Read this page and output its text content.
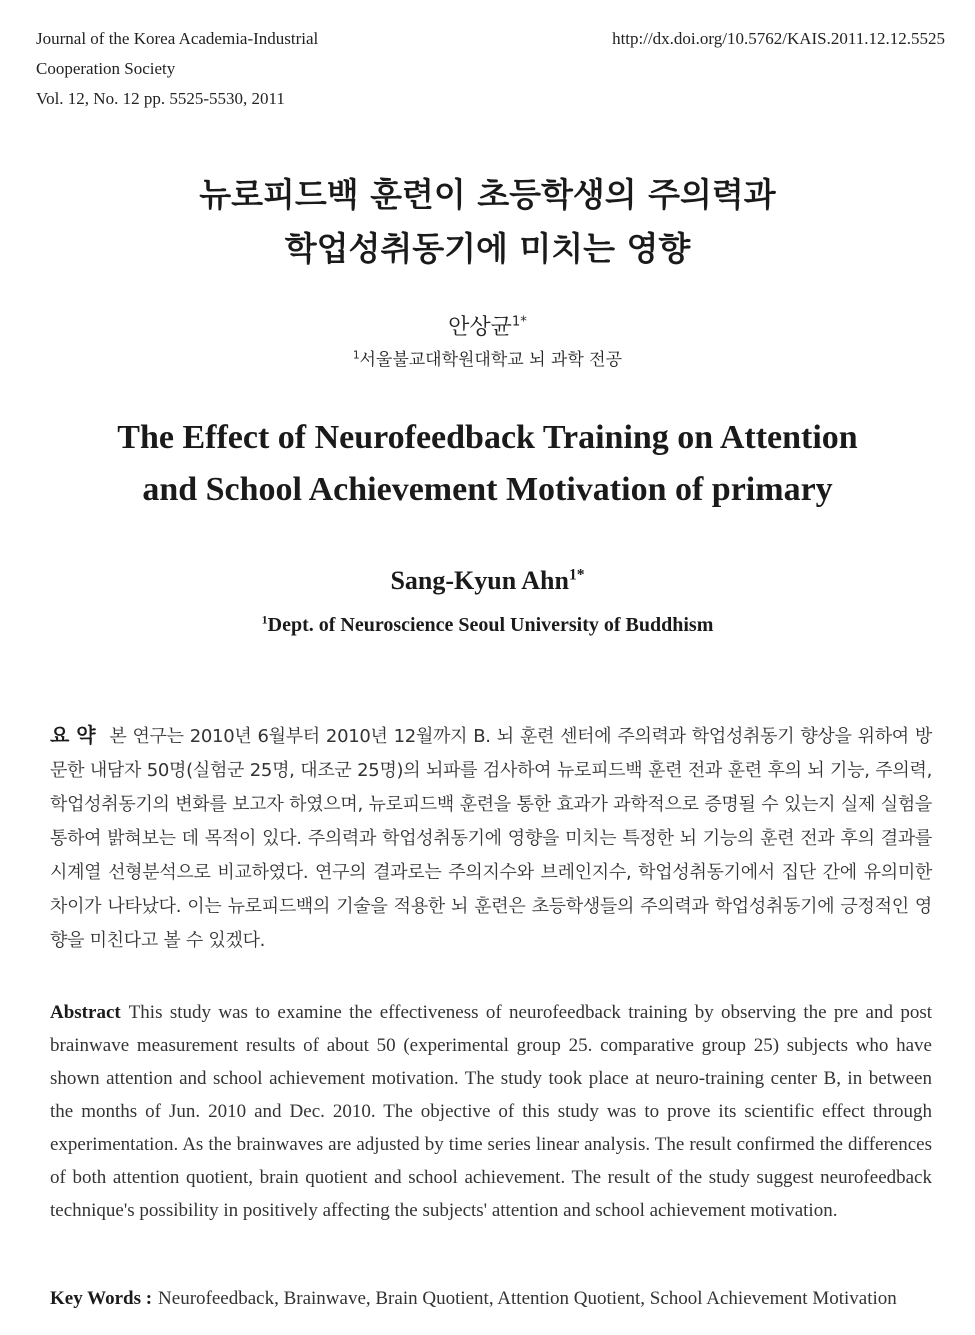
Journal of the Korea Academia-Industrial
Cooperation Society
Vol. 12, No. 12 pp. 5525-5530, 2011
http://dx.doi.org/10.5762/KAIS.2011.12.12.5525
뉴로피드백 훈련이 초등학생의 주의력과
학업성취동기에 미치는 영향
안상균$^{1*}$
$^1$서울불교대학원대학교 뇌 과학 전공
The Effect of Neurofeedback Training on Attention
and School Achievement Motivation of primary
Sang-Kyun Ahn$^{1*}$
$^1$Dept. of Neuroscience Seoul University of Buddhism
요 약 본 연구는 2010년 6월부터 2010년 12월까지 B. 뇌 훈련 센터에 주의력과 학업성취동기 향상을 위하여 방문한 내담자 50명(실험군 25명, 대조군 25명)의 뇌파를 검사하여 뉴로피드백 훈련 전과 훈련 후의 뇌 기능, 주의력, 학업성취동기의 변화를 보고자 하였으며, 뉴로피드백 훈련을 통한 효과가 과학적으로 증명될 수 있는지 실제 실험을 통하여 밝혀보는 데 목적이 있다. 주의력과 학업성취동기에 영향을 미치는 특정한 뇌 기능의 훈련 전과 후의 결과를 시계열 선형분석으로 비교하였다. 연구의 결과로는 주의지수와 브레인지수, 학업성취동기에서 집단 간에 유의미한 차이가 나타났다. 이는 뉴로피드백의 기술을 적용한 뇌 훈련은 초등학생들의 주의력과 학업성취동기에 긍정적인 영향을 미친다고 볼 수 있겠다.
Abstract This study was to examine the effectiveness of neurofeedback training by observing the pre and post brainwave measurement results of about 50 (experimental group 25. comparative group 25) subjects who have shown attention and school achievement motivation. The study took place at neuro-training center B, in between the months of Jun. 2010 and Dec. 2010. The objective of this study was to prove its scientific effect through experimentation. As the brainwaves are adjusted by time series linear analysis. The result confirmed the differences of both attention quotient, brain quotient and school achievement. The result of the study suggest neurofeedback technique's possibility in positively affecting the subjects' attention and school achievement motivation.
Key Words : Neurofeedback, Brainwave, Brain Quotient, Attention Quotient, School Achievement Motivation
